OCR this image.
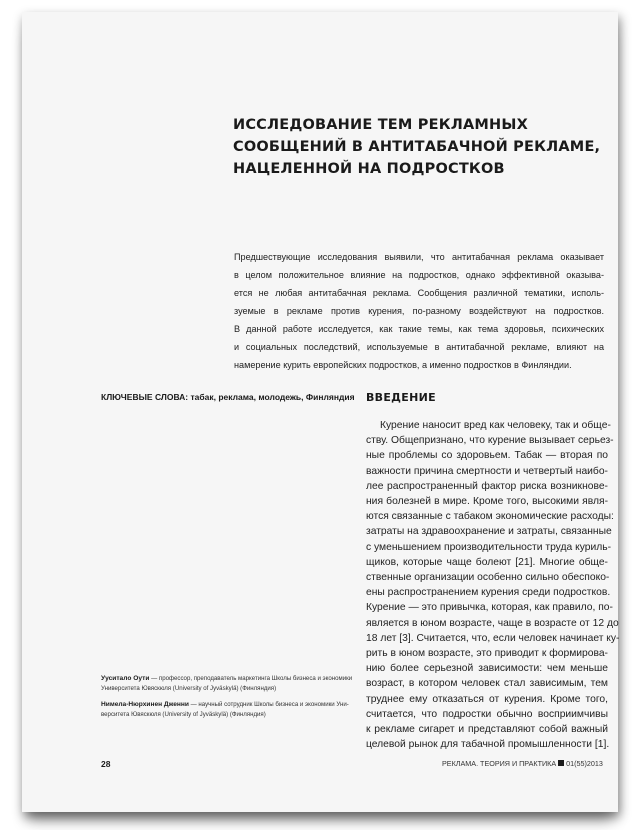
ИССЛЕДОВАНИЕ ТЕМ РЕКЛАМНЫХ
СООБЩЕНИЙ В АНТИТАБАЧНОЙ РЕКЛАМЕ,
НАЦЕЛЕННОЙ НА ПОДРОСТКОВ

Предшествующие исследования выявили, что антитабачная реклама оказывает
в целом положительное влияние на подростков, однако эффективной оказыва-
ется не любая антитабачная реклама. Сообщения различной тематики, исполь-
зуемые в рекламе против курения, по-разному воздействуют на подростков.
В данной работе исследуется, как такие темы, как тема здоровья, психических
и социальных последствий, используемые в антитабачной рекламе, влияют на
намерение курить европейских подростков, а именно подростков в Финляндии.

КЛЮЧЕВЫЕ СЛОВА: табак, реклама, молодежь, Финляндия ВВЕДЕНИЕ
Курение наносит вред как человеку, так и общe-
ству. Общепризнано, что курение вызывает серьез-
ные проблемы со здоровьем. Табак — вторая по
важности причина смертности и четвертый наибо-
лее распространенный фактор риска возникнове-
ния болезней в мире. Кроме того, высокими явля-
ются связанные с табаком экономические расходы:
затраты на здравоохранение и затраты, связанные
с уменьшением производительности труда куриль-
щиков, которые чаще болеют [21]. Многие обще-
ственные организации особенно сильно обеспоко-
ены распространением курения среди подростков.
Курение — это привычка, которая, как правило, по-
является в юном возрасте, чаще в возрасте от 12 до
18 лет [3]. Считается, что, если человек начинает ку-
рить в юном возрасте, это приводит к формирова-
нию более серьезной зависимости: чем меньше
возраст, в котором человек стал зависимым, тем
труднее ему отказаться от курения. Кроме того,
считается, что подростки обычно восприимчивы
к рекламе сигарет и представляют собой важный
целевой рынок для табачной промышленности [1].
Ууситалo Оути — профессор, преподаватель маркетинга Школы бизнеса и экономики
Университета Ювяскюля (University of Jyväskylä) (Финляндия)
Нимела-Нюрхинен Дженни — научный сотрудник Школы бизнеса и экономики Уни-
верситета Ювяскюля (University of Jyväskylä) (Финляндия)

28	РЕКЛАМА. ТЕОРИЯ И ПРАКТИКА 01(55)2013
